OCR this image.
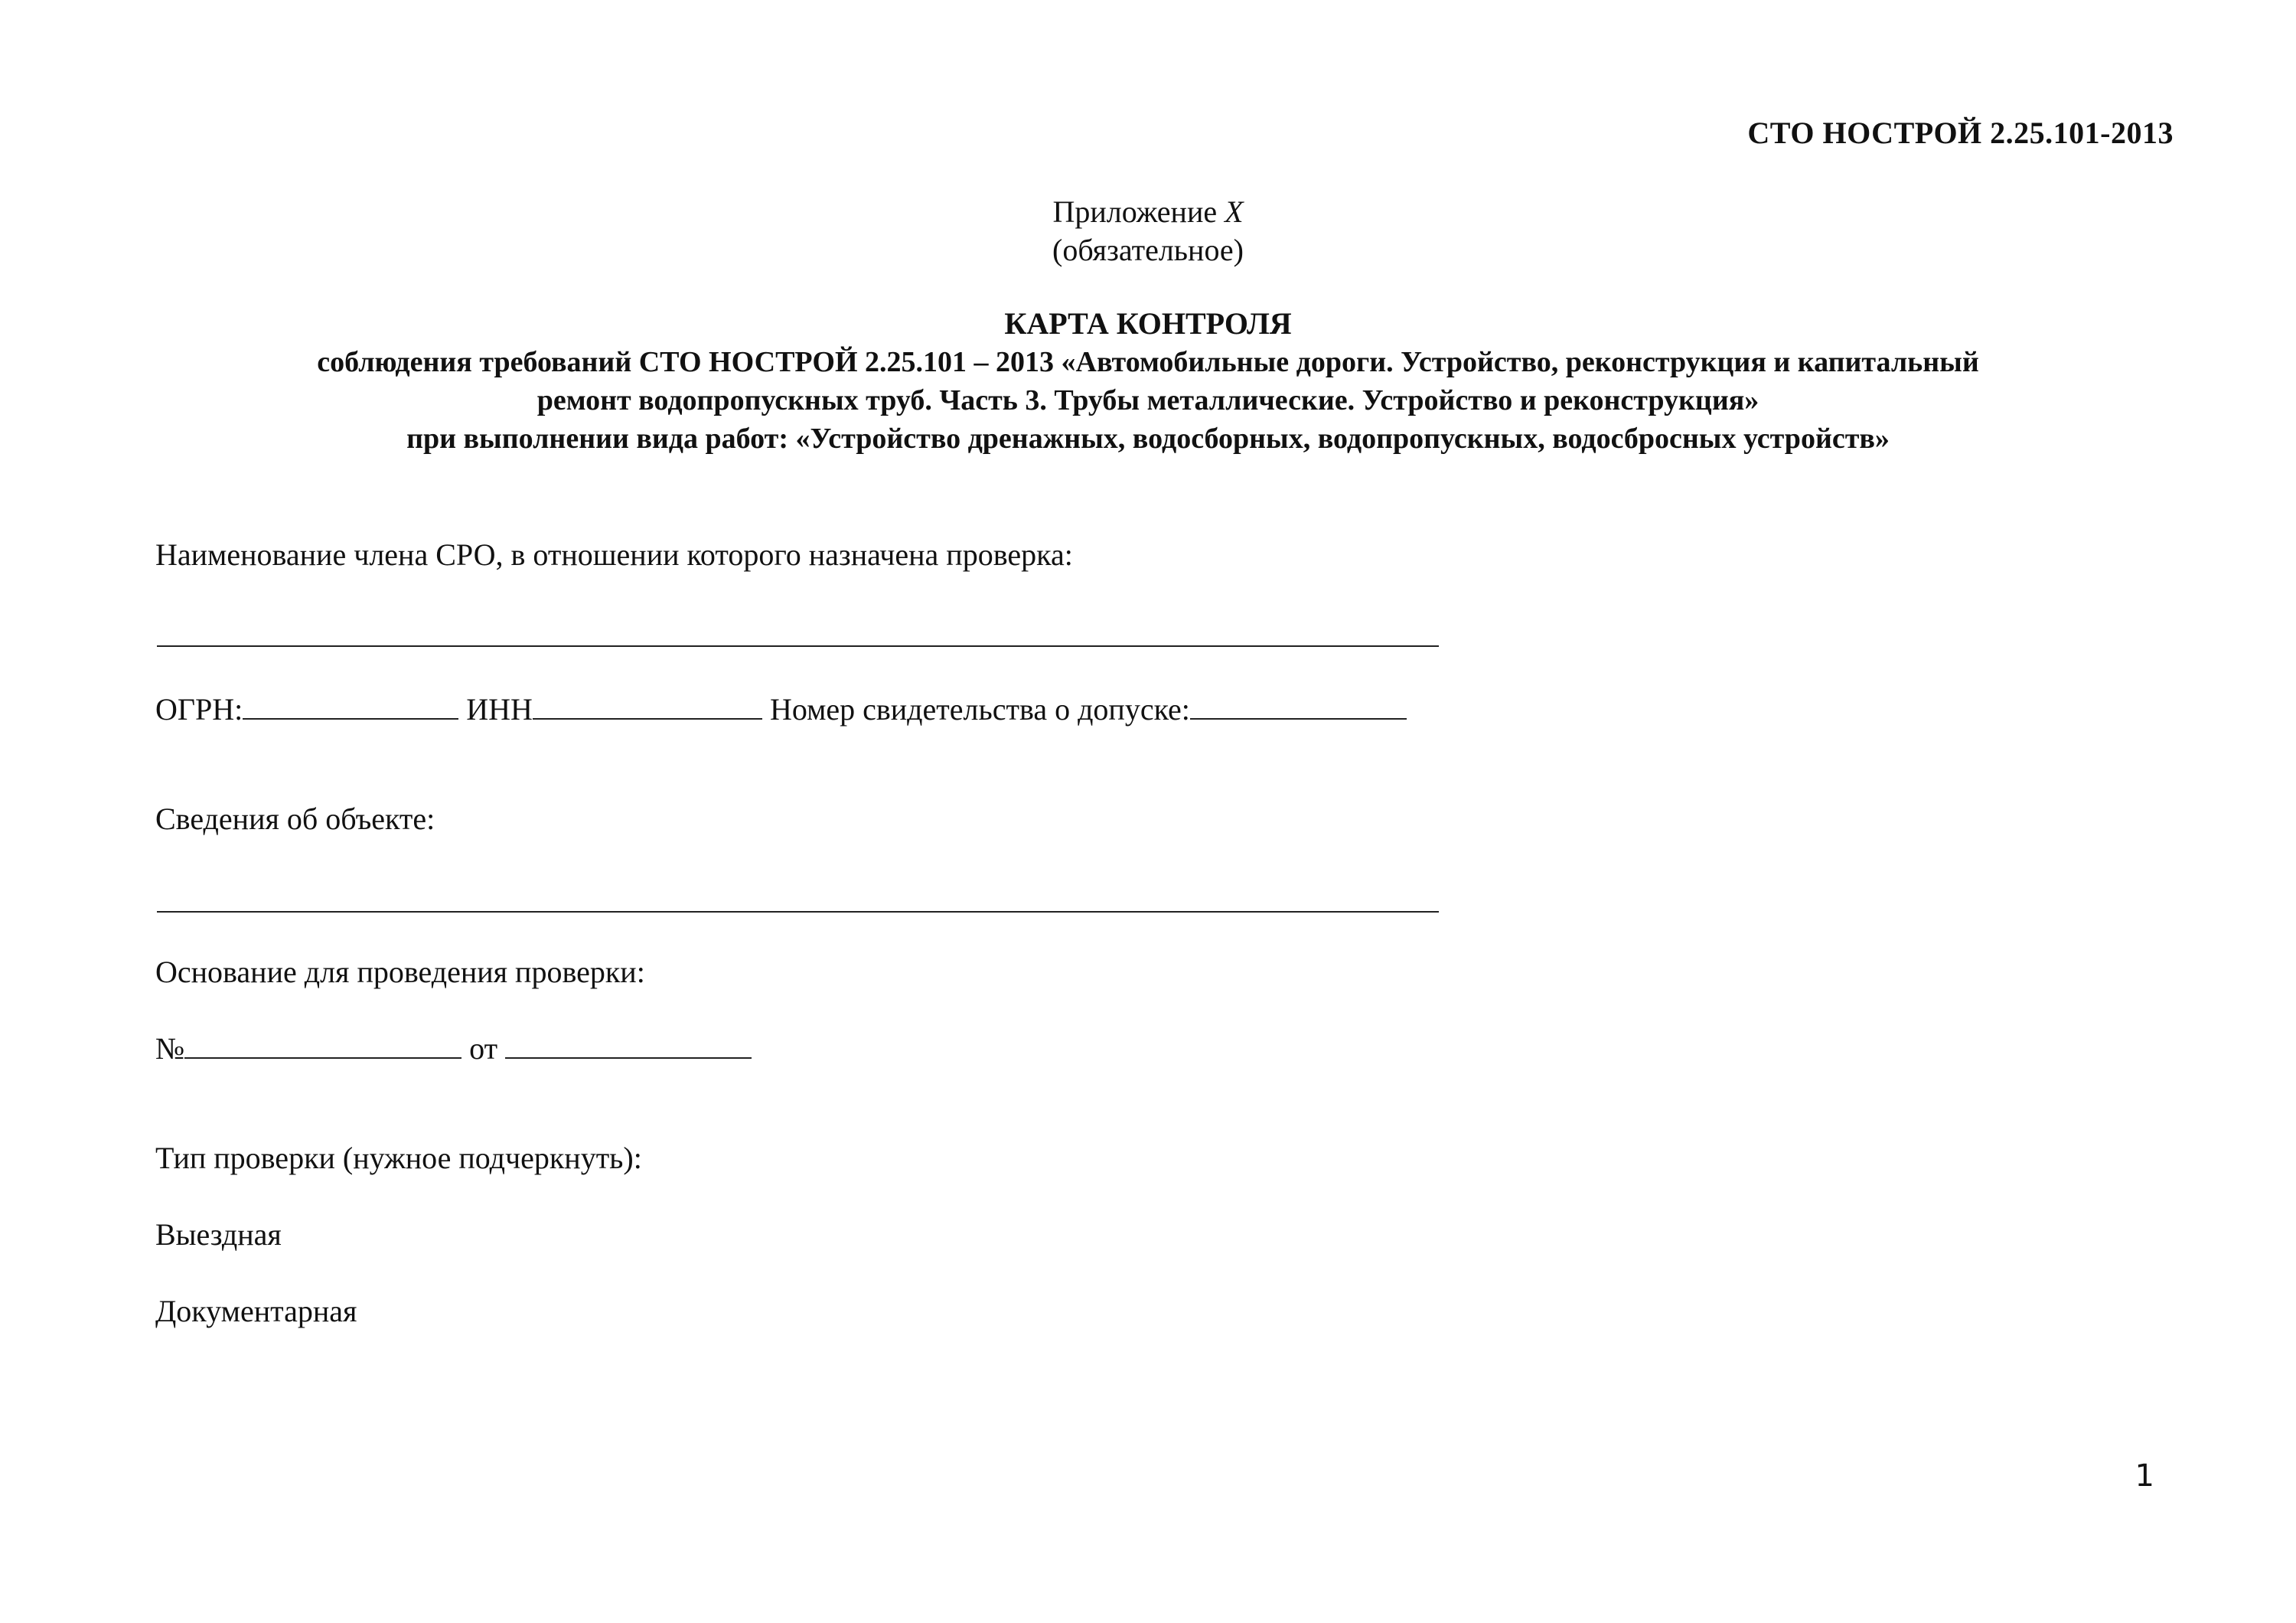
СТО НОСТРОЙ 2.25.101-2013
Приложение X
(обязательное)
КАРТА КОНТРОЛЯ
соблюдения требований СТО НОСТРОЙ 2.25.101 – 2013 «Автомобильные дороги. Устройство, реконструкция и капитальный
ремонт водопропускных труб. Часть 3. Трубы металлические. Устройство и реконструкция»
при выполнении вида работ: «Устройство дренажных, водосборных, водопропускных, водосбросных устройств»
Наименование члена СРО, в отношении которого назначена проверка:
ОГРН:	ИНН	Номер свидетельства о допуске:
Сведения об объекте:
Основание для проведения проверки:
№	от
Тип проверки (нужное подчеркнуть):
Выездная
Документарная
1
